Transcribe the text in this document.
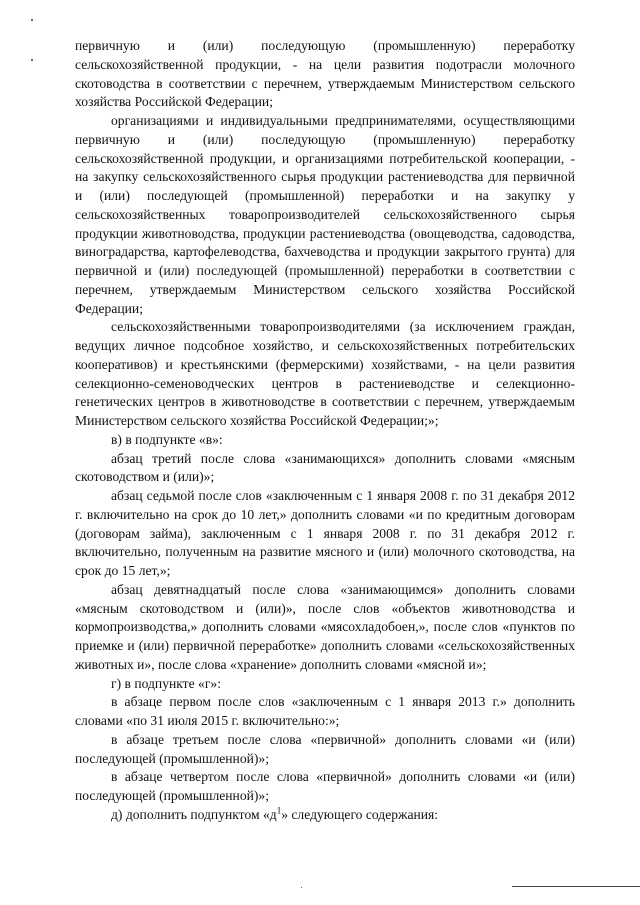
первичную и (или) последующую (промышленную) переработку сельскохозяйственной продукции, - на цели развития подотрасли молочного скотоводства в соответствии с перечнем, утверждаемым Министерством сельского хозяйства Российской Федерации;

организациями и индивидуальными предпринимателями, осуществляющими первичную и (или) последующую (промышленную) переработку сельскохозяйственной продукции, и организациями потребительской кооперации, - на закупку сельскохозяйственного сырья продукции растениеводства для первичной и (или) последующей (промышленной) переработки и на закупку у сельскохозяйственных товаропроизводителей сельскохозяйственного сырья продукции животноводства, продукции растениеводства (овощеводства, садоводства, виноградарства, картофелеводства, бахчеводства и продукции закрытого грунта) для первичной и (или) последующей (промышленной) переработки в соответствии с перечнем, утверждаемым Министерством сельского хозяйства Российской Федерации;

сельскохозяйственными товаропроизводителями (за исключением граждан, ведущих личное подсобное хозяйство, и сельскохозяйственных потребительских кооперативов) и крестьянскими (фермерскими) хозяйствами, - на цели развития селекционно-семеноводческих центров в растениеводстве и селекционно-генетических центров в животноводстве в соответствии с перечнем, утверждаемым Министерством сельского хозяйства Российской Федерации;»;

в) в подпункте «в»:

абзац третий после слова «занимающихся» дополнить словами «мясным скотоводством и (или)»;

абзац седьмой после слов «заключенным с 1 января 2008 г. по 31 декабря 2012 г. включительно на срок до 10 лет,» дополнить словами «и по кредитным договорам (договорам займа), заключенным с 1 января 2008 г. по 31 декабря 2012 г. включительно, полученным на развитие мясного и (или) молочного скотоводства, на срок до 15 лет,»;

абзац девятнадцатый после слова «занимающимся» дополнить словами «мясным скотоводством и (или)», после слов «объектов животноводства и кормопроизводства,» дополнить словами «мясохладобоен,», после слов «пунктов по приемке и (или) первичной переработке» дополнить словами «сельскохозяйственных животных и», после слова «хранение» дополнить словами «мясной и»;

г) в подпункте «г»:

в абзаце первом после слов «заключенным с 1 января 2013 г.» дополнить словами «по 31 июля 2015 г. включительно:»;

в абзаце третьем после слова «первичной» дополнить словами «и (или) последующей (промышленной)»;

в абзаце четвертом после слова «первичной» дополнить словами «и (или) последующей (промышленной)»;

д) дополнить подпунктом «$д^1$» следующего содержания:
